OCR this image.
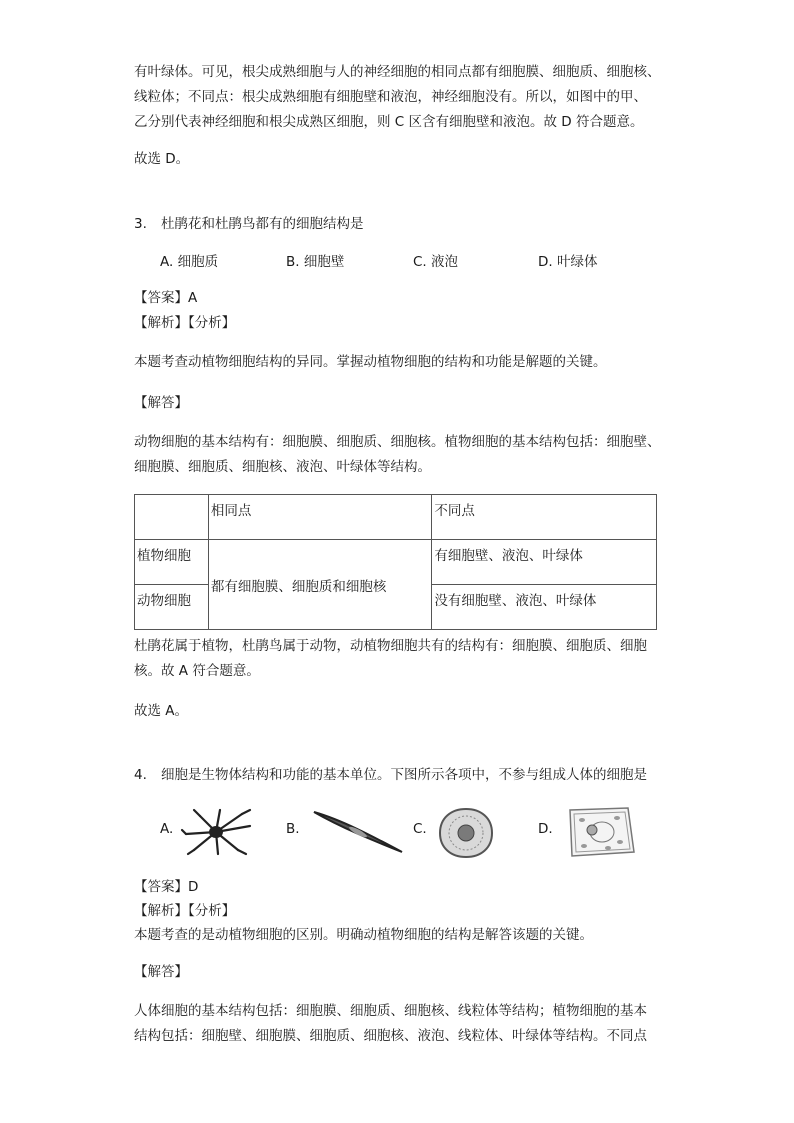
有叶绿体。可见，根尖成熟细胞与人的神经细胞的相同点都有细胞膜、细胞质、细胞核、

线粒体；不同点：根尖成熟细胞有细胞壁和液泡，神经细胞没有。所以，如图中的甲、

乙分别代表神经细胞和根尖成熟区细胞，则 C 区含有细胞壁和液泡。故 D 符合题意。

故选 D。

3. 杜鹃花和杜鹃鸟都有的细胞结构是
A. 细胞质	B. 细胞壁	C. 液泡	D. 叶绿体

【答案】A

【解析】【分析】

本题考查动植物细胞结构的异同。掌握动植物细胞的结构和功能是解题的关键。

【解答】

动物细胞的基本结构有：细胞膜、细胞质、细胞核。植物细胞的基本结构包括：细胞壁、

细胞膜、细胞质、细胞核、液泡、叶绿体等结构。

	相同点	不同点
植物细胞	都有细胞膜、细胞质和细胞核	有细胞壁、液泡、叶绿体
动物细胞		没有细胞壁、液泡、叶绿体

杜鹃花属于植物，杜鹃鸟属于动物，动植物细胞共有的结构有：细胞膜、细胞质、细胞

核。故 A 符合题意。

故选 A。

4. 细胞是生物体结构和功能的基本单位。下图所示各项中，不参与组成人体的细胞是
A.	B.	C.	D.

【答案】D

【解析】【分析】

本题考查的是动植物细胞的区别。明确动植物细胞的结构是解答该题的关键。

【解答】

人体细胞的基本结构包括：细胞膜、细胞质、细胞核、线粒体等结构；植物细胞的基本

结构包括：细胞壁、细胞膜、细胞质、细胞核、液泡、线粒体、叶绿体等结构。不同点
